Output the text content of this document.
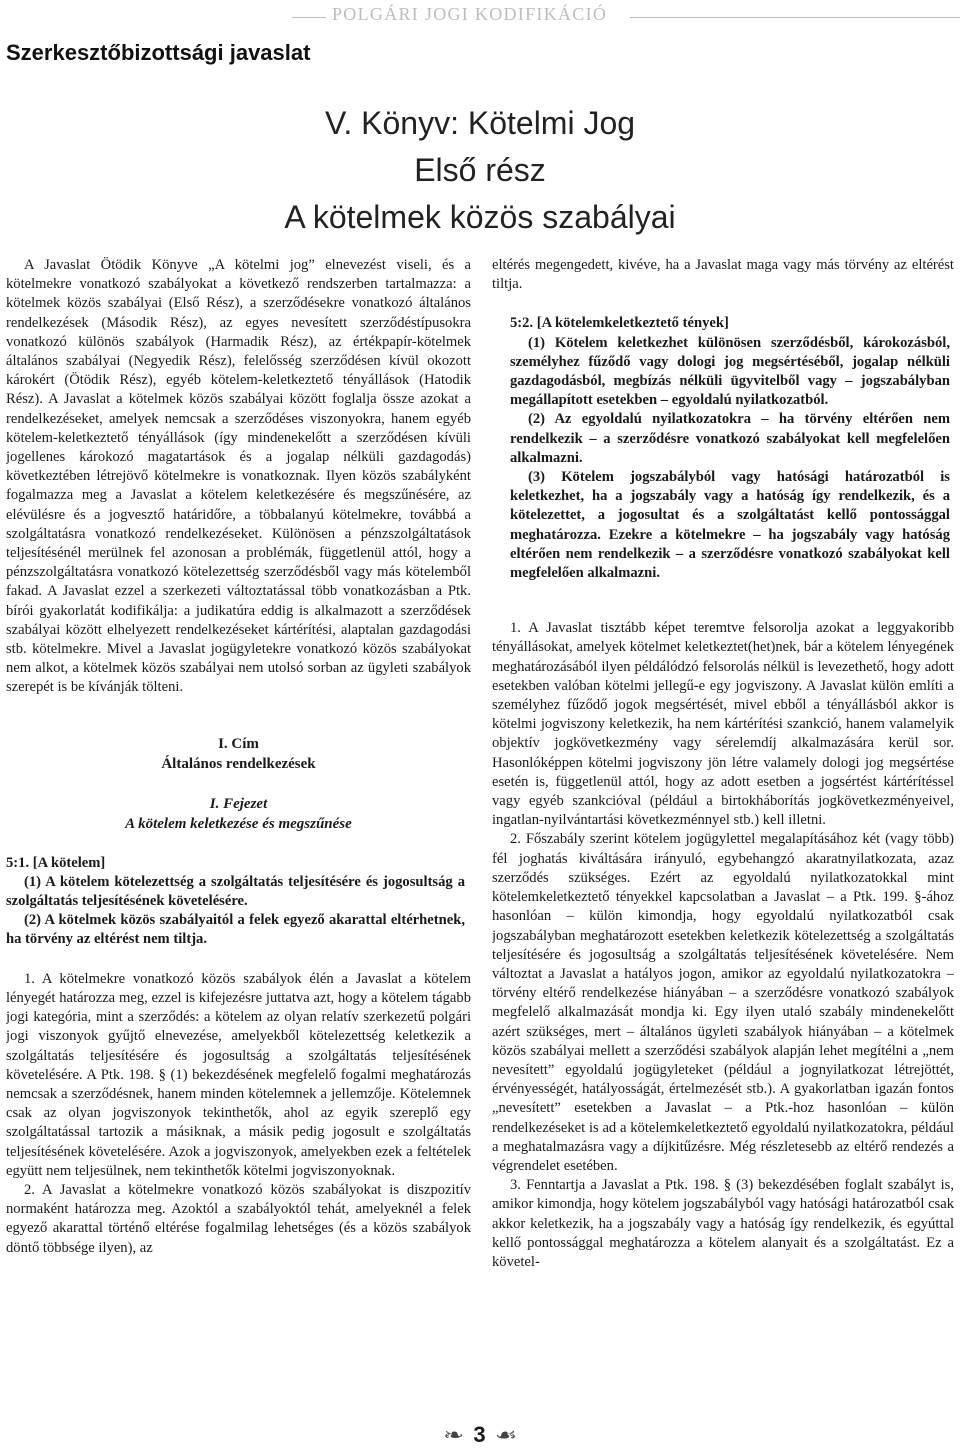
POLGÁRI JOGI KODIFIKÁCIÓ
Szerkesztőbizottsági javaslat
V. Könyv: Kötelmi Jog
Első rész
A kötelmek közös szabályai

A Javaslat Ötödik Könyve „A kötelmi jog” elnevezést viseli, és a kötelmekre vonatkozó szabályokat a következő rendszerben tartalmazza: a kötelmek közös szabályai (Első Rész), a szerződésekre vonatkozó általános rendelkezések (Második Rész), az egyes nevesített szerződéstípusokra vonatkozó különös szabályok (Harmadik Rész), az értékpapír-kötelmek általános szabályai (Negyedik Rész), felelősség szerződésen kívül okozott károkért (Ötödik Rész), egyéb kötelem-keletkeztető tényállások (Hatodik Rész). A Javaslat a kötelmek közös szabályai között foglalja össze azokat a rendelkezéseket, amelyek nemcsak a szerződéses viszonyokra, hanem egyéb kötelem-keletkeztető tényállások (így mindenekelőtt a szerződésen kívüli jogellenes károkozó magatartások és a jogalap nélküli gazdagodás) következtében létrejövő kötelmekre is vonatkoznak. Ilyen közös szabályként fogalmazza meg a Javaslat a kötelem keletkezésére és megszűnésére, az elévülésre és a jogvesztő határidőre, a többalanyú kötelmekre, továbbá a szolgáltatásra vonatkozó rendelkezéseket. Különösen a pénzszolgáltatások teljesítésénél merülnek fel azonosan a problémák, függetlenül attól, hogy a pénzszolgáltatásra vonatkozó kötelezettség szerződésből vagy más kötelemből fakad. A Javaslat ezzel a szerkezeti változtatással több vonatkozásban a Ptk. bírói gyakorlatát kodifikálja: a judikatúra eddig is alkalmazott a szerződések szabályai között elhelyezett rendelkezéseket kártérítési, alaptalan gazdagodási stb. kötelmekre. Mivel a Javaslat jogügyletekre vonatkozó közös szabályokat nem alkot, a kötelmek közös szabályai nem utolsó sorban az ügyleti szabályok szerepét is be kívánják tölteni.

I. Cím

Általános rendelkezések

I. Fejezet

A kötelem keletkezése és megszűnése

5:1. [A kötelem]

(1) A kötelem kötelezettség a szolgáltatás teljesítésére és jogosultság a szolgáltatás teljesítésének követelésére.

(2) A kötelmek közös szabályaitól a felek egyező akarattal eltérhetnek, ha törvény az eltérést nem tiltja.

1. A kötelmekre vonatkozó közös szabályok élén a Javaslat a kötelem lényegét határozza meg, ezzel is kifejezésre juttatva azt, hogy a kötelem tágabb jogi kategória, mint a szerződés: a kötelem az olyan relatív szerkezetű polgári jogi viszonyok gyűjtő elnevezése, amelyekből kötelezettség keletkezik a szolgáltatás teljesítésére és jogosultság a szolgáltatás teljesítésének követelésére. A Ptk. 198. § (1) bekezdésének megfelelő fogalmi meghatározás nemcsak a szerződésnek, hanem minden kötelemnek a jellemzője. Kötelemnek csak az olyan jogviszonyok tekinthetők, ahol az egyik szereplő egy szolgáltatással tartozik a másiknak, a másik pedig jogosult e szolgáltatás teljesítésének követelésére. Azok a jogviszonyok, amelyekben ezek a feltételek együtt nem teljesülnek, nem tekinthetők kötelmi jogviszonyoknak.

2. A Javaslat a kötelmekre vonatkozó közös szabályokat is diszpozitív normaként határozza meg. Azoktól a szabályoktól tehát, amelyeknél a felek egyező akarattal történő eltérése fogalmilag lehetséges (és a közös szabályok döntő többsége ilyen), az

eltérés megengedett, kivéve, ha a Javaslat maga vagy más törvény az eltérést tiltja.

5:2. [A kötelemkeletkeztető tények]

(1) Kötelem keletkezhet különösen szerződésből, károkozásból, személyhez fűződő vagy dologi jog megsértéséből, jogalap nélküli gazdagodásból, megbízás nélküli ügyvitelből vagy – jogszabályban megállapított esetekben – egyoldalú nyilatkozatból.

(2) Az egyoldalú nyilatkozatokra – ha törvény eltérően nem rendelkezik – a szerződésre vonatkozó szabályokat kell megfelelően alkalmazni.

(3) Kötelem jogszabályból vagy hatósági határozatból is keletkezhet, ha a jogszabály vagy a hatóság így rendelkezik, és a kötelezettet, a jogosultat és a szolgáltatást kellő pontossággal meghatározza. Ezekre a kötelmekre – ha jogszabály vagy hatóság eltérően nem rendelkezik – a szerződésre vonatkozó szabályokat kell megfelelően alkalmazni.

1. A Javaslat tisztább képet teremtve felsorolja azokat a leggyakoribb tényállásokat, amelyek kötelmet keletkeztet(het)nek, bár a kötelem lényegének meghatározásából ilyen példálódzó felsorolás nélkül is levezethető, hogy adott esetekben valóban kötelmi jellegű-e egy jogviszony. A Javaslat külön említi a személyhez fűződő jogok megsértését, mivel ebből a tényállásból akkor is kötelmi jogviszony keletkezik, ha nem kártérítési szankció, hanem valamelyik objektív jogkövetkezmény vagy sérelemdíj alkalmazására kerül sor. Hasonlóképpen kötelmi jogviszony jön létre valamely dologi jog megsértése esetén is, függetlenül attól, hogy az adott esetben a jogsértést kártérítéssel vagy egyéb szankcióval (például a birtokháborítás jogkövetkezményeivel, ingatlan-nyilvántartási következménnyel stb.) kell illetni.

2. Főszabály szerint kötelem jogügylettel megalapításához két (vagy több) fél joghatás kiváltására irányuló, egybehangzó akaratnyilatkozata, azaz szerződés szükséges. Ezért az egyoldalú nyilatkozatokkal mint kötelemkeletkeztető tényekkel kapcsolatban a Javaslat – a Ptk. 199. §-ához hasonlóan – külön kimondja, hogy egyoldalú nyilatkozatból csak jogszabályban meghatározott esetekben keletkezik kötelezettség a szolgáltatás teljesítésére és jogosultság a szolgáltatás teljesítésének követelésére. Nem változtat a Javaslat a hatályos jogon, amikor az egyoldalú nyilatkozatokra – törvény eltérő rendelkezése hiányában – a szerződésre vonatkozó szabályok megfelelő alkalmazását mondja ki. Egy ilyen utaló szabály mindenekelőtt azért szükséges, mert – általános ügyleti szabályok hiányában – a kötelmek közös szabályai mellett a szerződési szabályok alapján lehet megítélni a „nem nevesített” egyoldalú jogügyleteket (például a jognyilatkozat létrejöttét, érvényességét, hatályosságát, értelmezését stb.). A gyakorlatban igazán fontos „nevesített” esetekben a Javaslat – a Ptk.-hoz hasonlóan – külön rendelkezéseket is ad a kötelemkeletkeztető egyoldalú nyilatkozatokra, például a meghatalmazásra vagy a díjkitűzésre. Még részletesebb az eltérő rendezés a végrendelet esetében.

3. Fenntartja a Javaslat a Ptk. 198. § (3) bekezdésében foglalt szabályt is, amikor kimondja, hogy kötelem jogszabályból vagy hatósági határozatból csak akkor keletkezik, ha a jogszabály vagy a hatóság így rendelkezik, és egyúttal kellő pontossággal meghatározza a kötelem alanyait és a szolgáltatást. Ez a követel-

❧ 3 ☙
